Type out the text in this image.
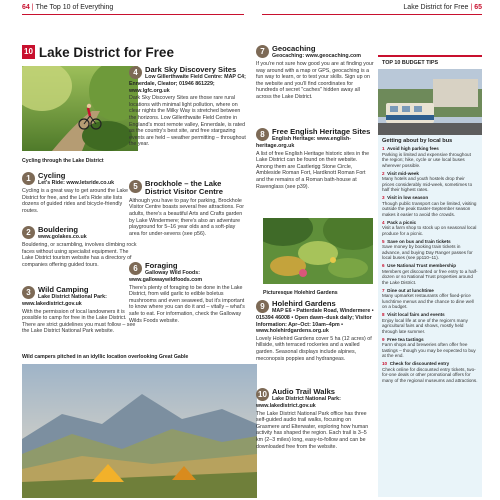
64 | The Top 10 of Everything	Lake District for Free | 65
10 Lake District for Free
Cycling through the Lake District
1 Cycling
Let's Ride: www.letsride.co.uk
Cycling is a great way to get around the Lake District for free, and the Let's Ride site lists dozens of guided rides and bicycle-friendly routes.
2 Bouldering
www.golakes.co.uk
Bouldering, or scrambling, involves climbing rock faces without using specialist equipment. The Lake District tourism website has a directory of companies offering guided tours.
3 Wild Camping
Lake District National Park: www.lakedistrict.gov.uk
With the permission of local landowners it is possible to camp for free in the Lake District. There are strict guidelines you must follow – see the Lake District National Park website.
Wild campers pitched in an idyllic location overlooking Great Gable
4 Dark Sky Discovery Sites
Low Gillerthwaite Field Centre: MAP C4; Ennerdale, Cleator; 01946 861229; www.lgfc.org.uk
Dark Sky Discovery Sites are those rare rural locations with minimal light pollution, where on clear nights the Milky Way is stretched between the horizons. Low Gillerthwaite Field Centre in England's most remote valley, Ennerdale, is rated as the country's best site, and free stargazing events are held – weather permitting – throughout the year.
5 Brockhole – the Lake District Visitor Centre
Although you have to pay for parking, Brockhole Visitor Centre boasts several free attractions. For adults, there's a beautiful Arts and Crafts garden by Lake Windermere; there's also an adventure playground for 5–16 year olds and a soft-play area for under-sevens (see p56).
6 Foraging
Galloway Wild Foods: www.gallowaywildfoods.com
There's plenty of foraging to be done in the Lake District, from wild garlic to edible boletus mushrooms and even seaweed, but it's important to know where you can do it and – vitally – what's safe to eat. For information, check the Galloway Wilds Foods website.
7 Geocaching
Geocaching: www.geocaching.com
If you're not sure how good you are at finding your way around with a map or GPS, geocaching is a fun way to learn, or to test your skills. Sign up on the website and you'll find coordinates for hundreds of secret "caches" hidden away all across the Lake District.
8 Free English Heritage Sites
English Heritage: www.english-heritage.org.uk
A list of free English Heritage historic sites in the Lake District can be found on their website. Among them are Castlerigg Stone Circle, Ambleside Roman Fort, Hardknott Roman Fort and the remains of a Roman bath-house at Ravenglass (see p39).
Picturesque Holehird Gardens
9 Holehird Gardens
MAP E6 • Patterdale Road, Windermere • 015394 46008 • Open dawn–dusk daily; Visitor Information: Apr–Oct: 10am–4pm • www.holehirdgardens.org.uk
Lovely Holehird Gardens cover 5 ha (12 acres) of hillside, with terraced rockeries and a walled garden. Seasonal displays include alpines, meconopsis poppies and hydrangeas.
10 Audio Trail Walks
Lake District National Park: www.lakedistrict.gov.uk
The Lake District National Park office has three self-guided audio trail walks, focusing on Grasmere and Elterwater, exploring how human activity has shaped the region. Each trail is 3–5 km (2–3 miles) long, easy-to-follow and can be downloaded free from the website.
TOP 10 BUDGET TIPS
Getting about by local bus
1 Avoid high parking fees
Parking is limited and expensive throughout the region; hike, cycle or use local buses wherever possible.
2 Visit mid-week
Many hotels and youth hostels drop their prices considerably mid-week, sometimes to half their highest rates.
3 Visit in low season
Though public transport can be limited, visiting outside the peak Easter-September season makes it easier to avoid the crowds.
4 Pack a picnic
Visit a farm shop to stock up on seasonal local produce for a picnic.
5 Save on bus and train tickets
Save money by booking train tickets in advance, and buying Day Ranger passes for local buses (see pp110–11).
6 Use National Trust membership
Members get discounted or free entry to a half-dozen or so National Trust properties around the Lake District.
7 Dine out at lunchtime
Many upmarket restaurants offer fixed-price lunchtime menus and the chance to dine well on a budget.
8 Visit local fairs and events
Enjoy local life at one of the region's many agricultural fairs and shows, mostly held through late summer.
9 Free tea tastings
Farm shops and breweries often offer free tastings – though you may be expected to buy at the end.
10 Check for discounted entry
Check online for discounted entry tickets, two-for-one deals or other promotional offers for many of the regional museums and attractions.
